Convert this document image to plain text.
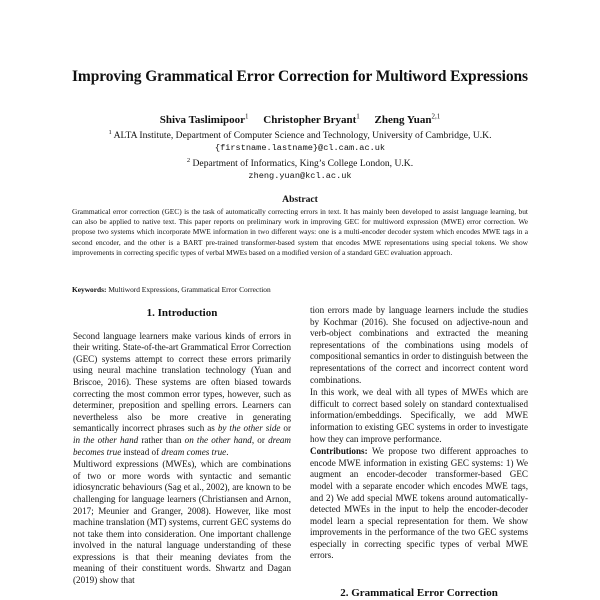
Improving Grammatical Error Correction for Multiword Expressions
Shiva Taslimipoor$^1$ Christopher Bryant$^1$ Zheng Yuan$^{2,1}$
$^1$ ALTA Institute, Department of Computer Science and Technology, University of Cambridge, U.K.
{firstname.lastname}@cl.cam.ac.uk
$^2$ Department of Informatics, King’s College London, U.K.
zheng.yuan@kcl.ac.uk
Abstract
Grammatical error correction (GEC) is the task of automatically correcting errors in text. It has mainly been developed to assist language learning, but can also be applied to native text. This paper reports on preliminary work in improving GEC for multiword expression (MWE) error correction. We propose two systems which incorporate MWE information in two different ways: one is a multi-encoder decoder system which encodes MWE tags in a second encoder, and the other is a BART pre-trained transformer-based system that encodes MWE representations using special tokens. We show improvements in correcting specific types of verbal MWEs based on a modified version of a standard GEC evaluation approach.
Keywords: Multiword Expressions, Grammatical Error Correction
1. Introduction

Second language learners make various kinds of errors in their writing. State-of-the-art Grammatical Error Correction (GEC) systems attempt to correct these errors primarily using neural machine translation technology (Yuan and Briscoe, 2016). These systems are often biased towards correcting the most common error types, however, such as determiner, preposition and spelling errors. Learners can nevertheless also be more creative in generating semantically incorrect phrases such as by the other side or in the other hand rather than on the other hand, or dream becomes true instead of dream comes true.

Multiword expressions (MWEs), which are combinations of two or more words with syntactic and semantic idiosyncratic behaviours (Sag et al., 2002), are known to be challenging for language learners (Christiansen and Arnon, 2017; Meunier and Granger, 2008). However, like most machine translation (MT) systems, current GEC systems do not take them into consideration. One important challenge involved in the natural language understanding of these expressions is that their meaning deviates from the meaning of their constituent words. Shwartz and Dagan (2019) show that

tion errors made by language learners include the studies by Kochmar (2016). She focused on adjective-noun and verb-object combinations and extracted the meaning representations of the combinations using models of compositional semantics in order to distinguish between the representations of the correct and incorrect content word combinations.

In this work, we deal with all types of MWEs which are difficult to correct based solely on standard contextualised information/embeddings. Specifically, we add MWE information to existing GEC systems in order to investigate how they can improve performance.

Contributions: We propose two different approaches to encode MWE information in existing GEC systems: 1) We augment an encoder-decoder transformer-based GEC model with a separate encoder which encodes MWE tags, and 2) We add special MWE tokens around automatically-detected MWEs in the input to help the encoder-decoder model learn a special representation for them. We show improvements in the performance of the two GEC systems especially in correcting specific types of verbal MWE errors.

2. Grammatical Error Correction
